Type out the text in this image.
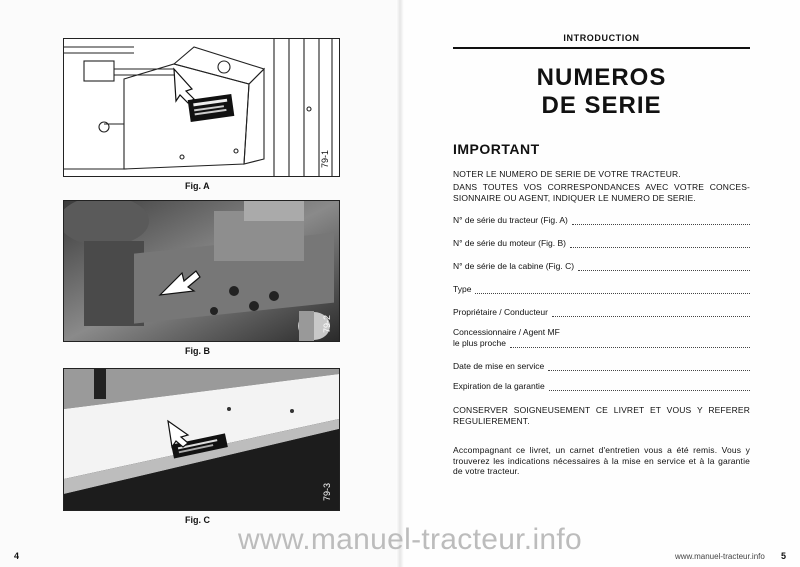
79-1
Fig. A
79-2
Fig. B
79-3
Fig. C
4
INTRODUCTION
NUMEROS
DE SERIE
IMPORTANT
NOTER LE NUMERO DE SERIE DE VOTRE TRACTEUR.
DANS TOUTES VOS CORRESPONDANCES AVEC VOTRE CONCES-SIONNAIRE OU AGENT, INDIQUER LE NUMERO DE SERIE.
N° de série du tracteur (Fig. A)
N° de série du moteur (Fig. B)
N° de série de la cabine (Fig. C)
Type
Propriétaire / Conducteur
Concessionnaire / Agent MF
le plus proche
Date de mise en service
Expiration de la garantie
CONSERVER SOIGNEUSEMENT CE LIVRET ET VOUS Y REFERER REGULIEREMENT.
Accompagnant ce livret, un carnet d'entretien vous a été remis. Vous y trouverez les indications nécessaires à la mise en service et à la garantie de votre tracteur.
www.manuel-tracteur.info 5
www.manuel-tracteur.info
